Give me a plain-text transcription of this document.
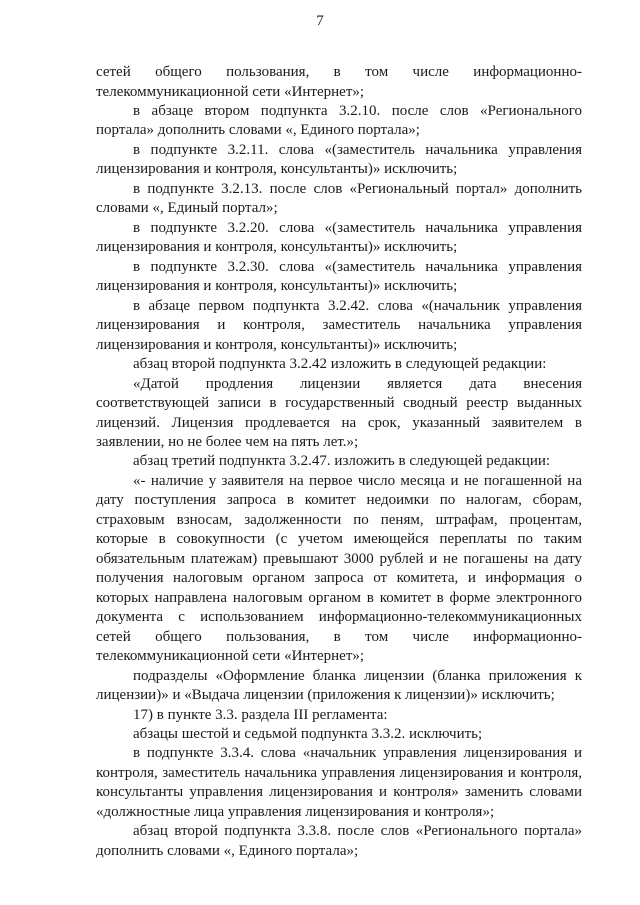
7
сетей общего пользования, в том числе информационно-
телекоммуникационной сети «Интернет»;
в абзаце втором подпункта 3.2.10. после слов «Регионального
портала» дополнить словами «, Единого портала»;
в подпункте 3.2.11. слова «(заместитель начальника управления
лицензирования и контроля, консультанты)» исключить;
в подпункте 3.2.13. после слов «Региональный портал» дополнить
словами «, Единый портал»;
в подпункте 3.2.20. слова «(заместитель начальника управления
лицензирования и контроля, консультанты)» исключить;
в подпункте 3.2.30. слова «(заместитель начальника управления
лицензирования и контроля, консультанты)» исключить;
в абзаце первом подпункта 3.2.42. слова «(начальник управления
лицензирования и контроля, заместитель начальника управления
лицензирования и контроля, консультанты)» исключить;
абзац второй подпункта 3.2.42 изложить в следующей редакции:
«Датой продления лицензии является дата внесения
соответствующей записи в государственный сводный реестр выданных
лицензий. Лицензия продлевается на срок, указанный заявителем в
заявлении, но не более чем на пять лет.»;
абзац третий подпункта 3.2.47. изложить в следующей редакции:
«- наличие у заявителя на первое число месяца и не погашенной на
дату поступления запроса в комитет недоимки по налогам, сборам,
страховым взносам, задолженности по пеням, штрафам, процентам,
которые в совокупности (с учетом имеющейся переплаты по таким
обязательным платежам) превышают 3000 рублей и не погашены на дату
получения налоговым органом запроса от комитета, и информация о
которых направлена налоговым органом в комитет в форме электронного
документа с использованием информационно-телекоммуникационных
сетей общего пользования, в том числе информационно-
телекоммуникационной сети «Интернет»;
подразделы «Оформление бланка лицензии (бланка приложения к
лицензии)» и «Выдача лицензии (приложения к лицензии)» исключить;
17) в пункте 3.3. раздела III регламента:
абзацы шестой и седьмой подпункта 3.3.2. исключить;
в подпункте 3.3.4. слова «начальник управления лицензирования и
контроля, заместитель начальника управления лицензирования и контроля,
консультанты управления лицензирования и контроля» заменить словами
«должностные лица управления лицензирования и контроля»;
абзац второй подпункта 3.3.8. после слов «Регионального портала»
дополнить словами «, Единого портала»;
